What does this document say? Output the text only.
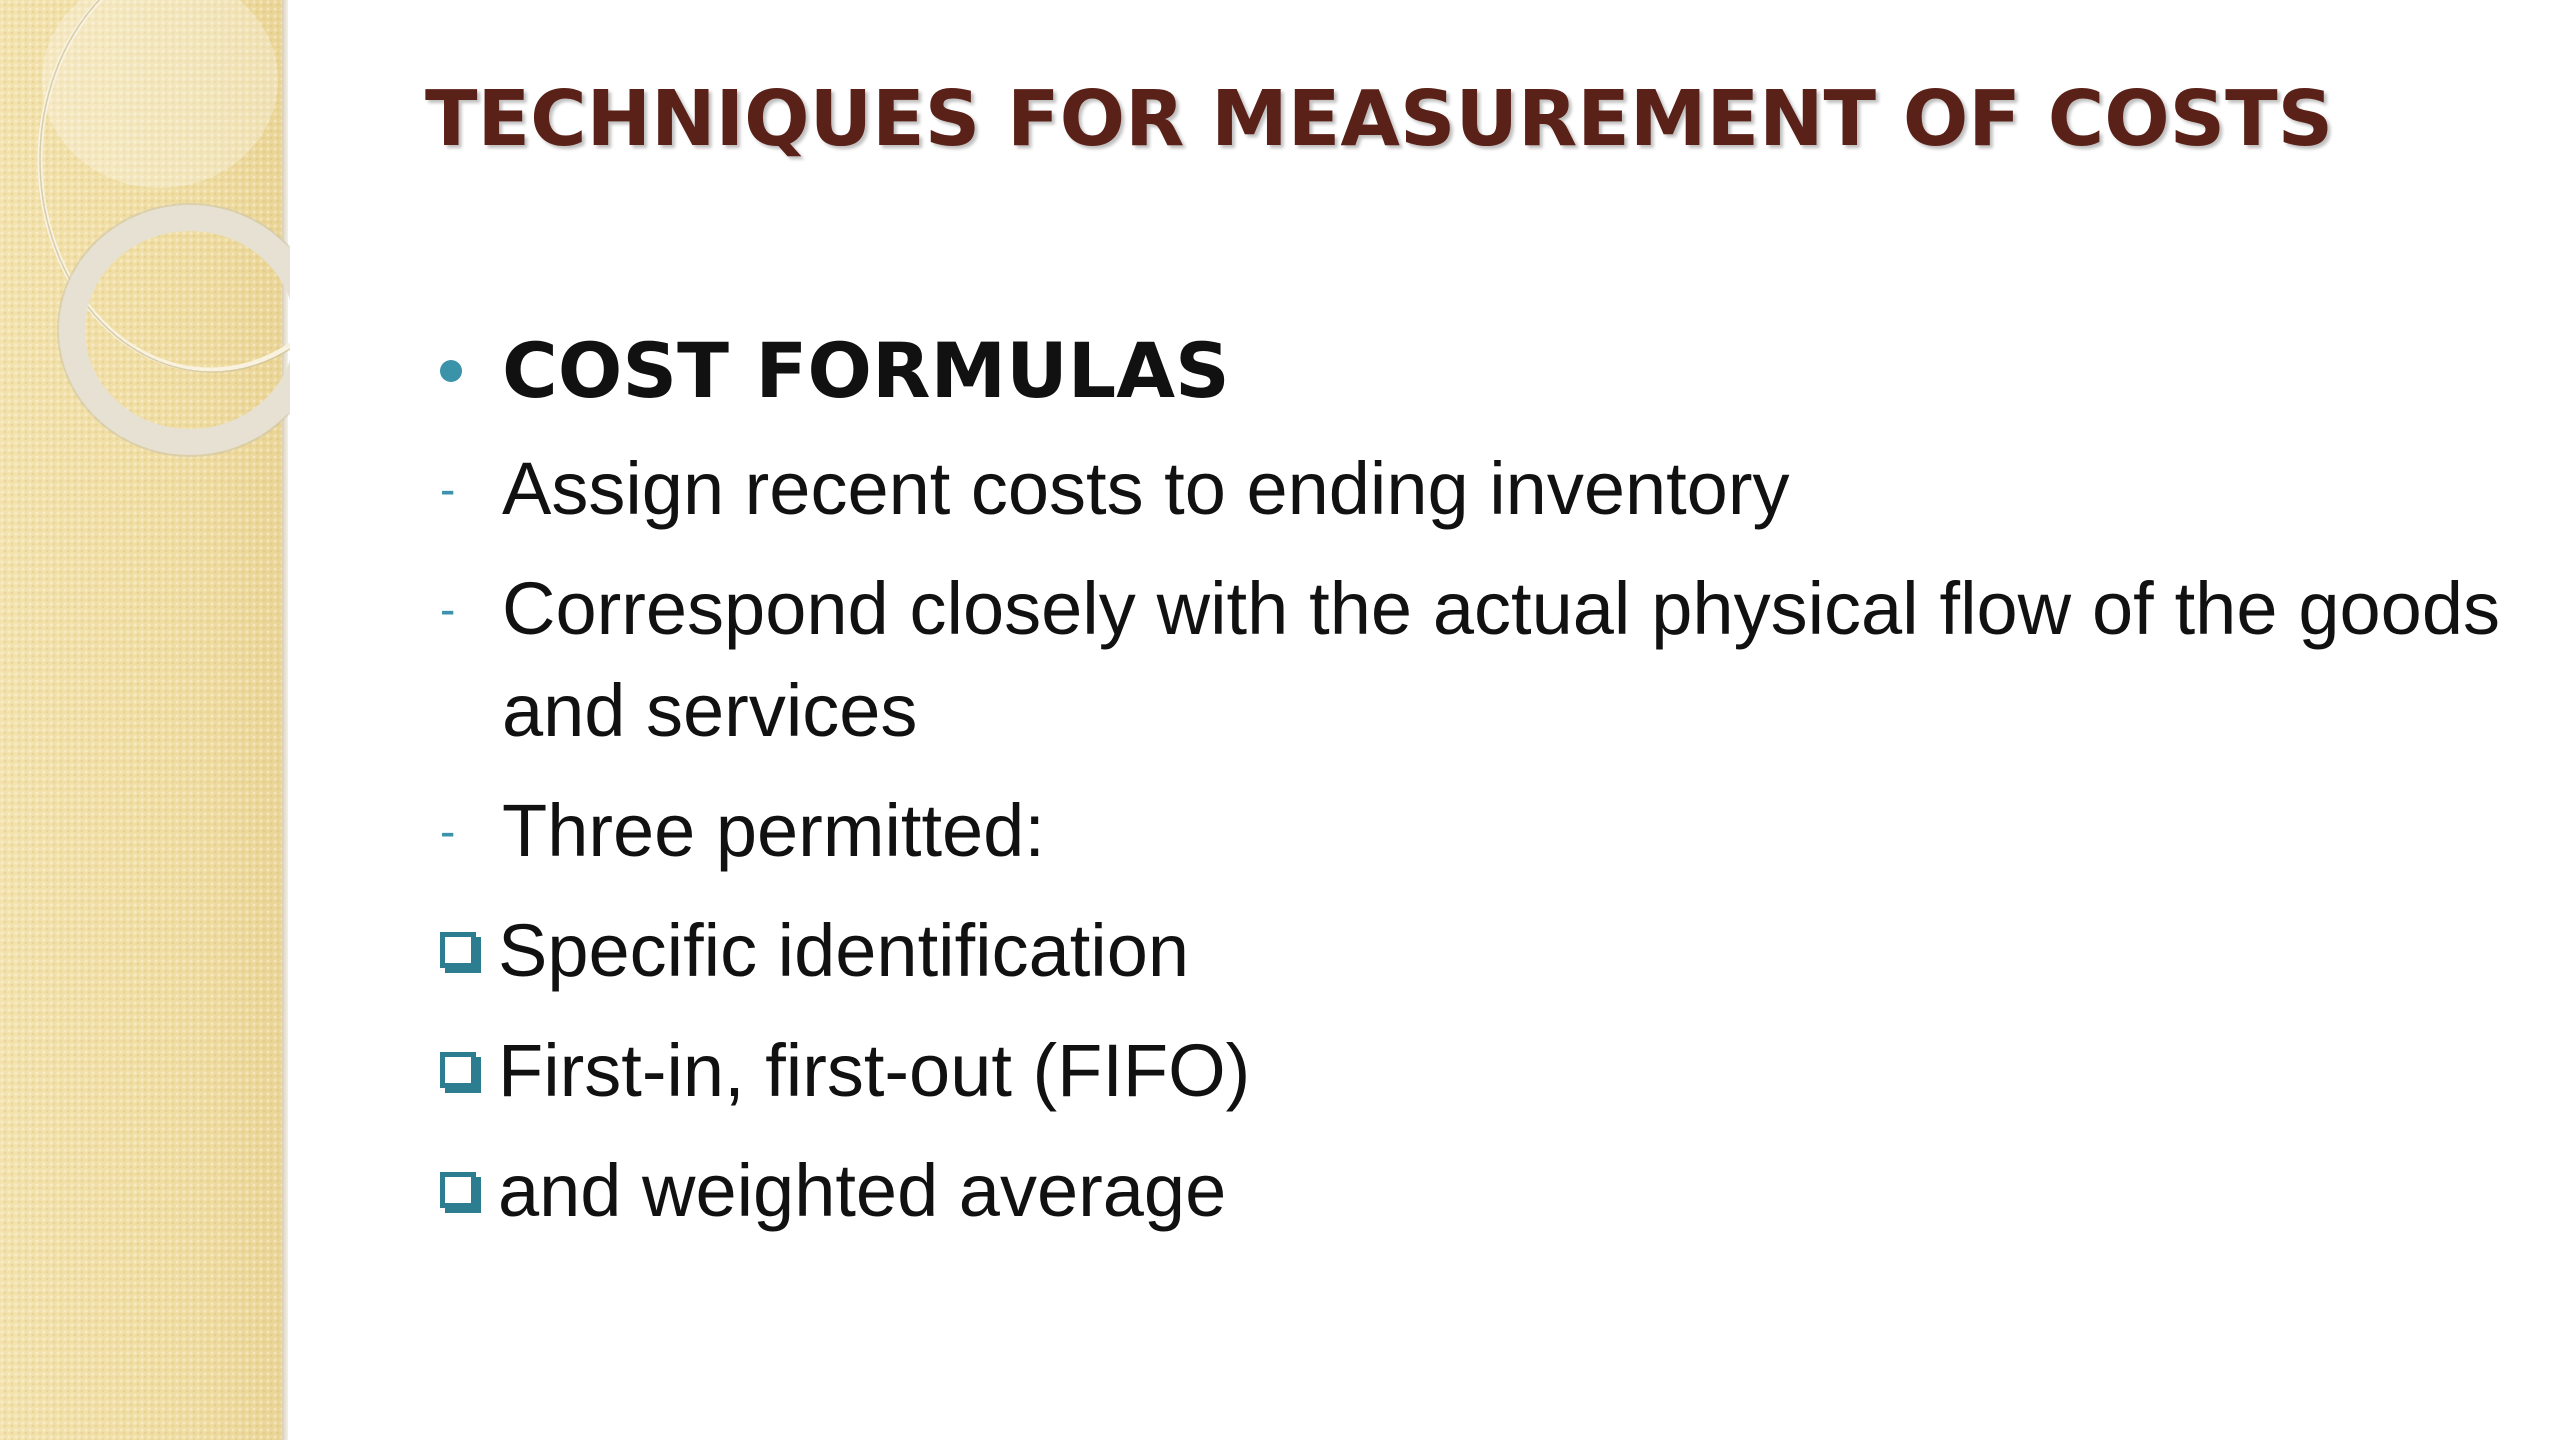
TECHNIQUES FOR MEASUREMENT OF COSTS
COST FORMULAS
- Assign recent costs to ending inventory
- Correspond closely with the actual physical flow of the goods and services
- Three permitted:
Specific identification
First-in, first-out (FIFO)
and weighted average
